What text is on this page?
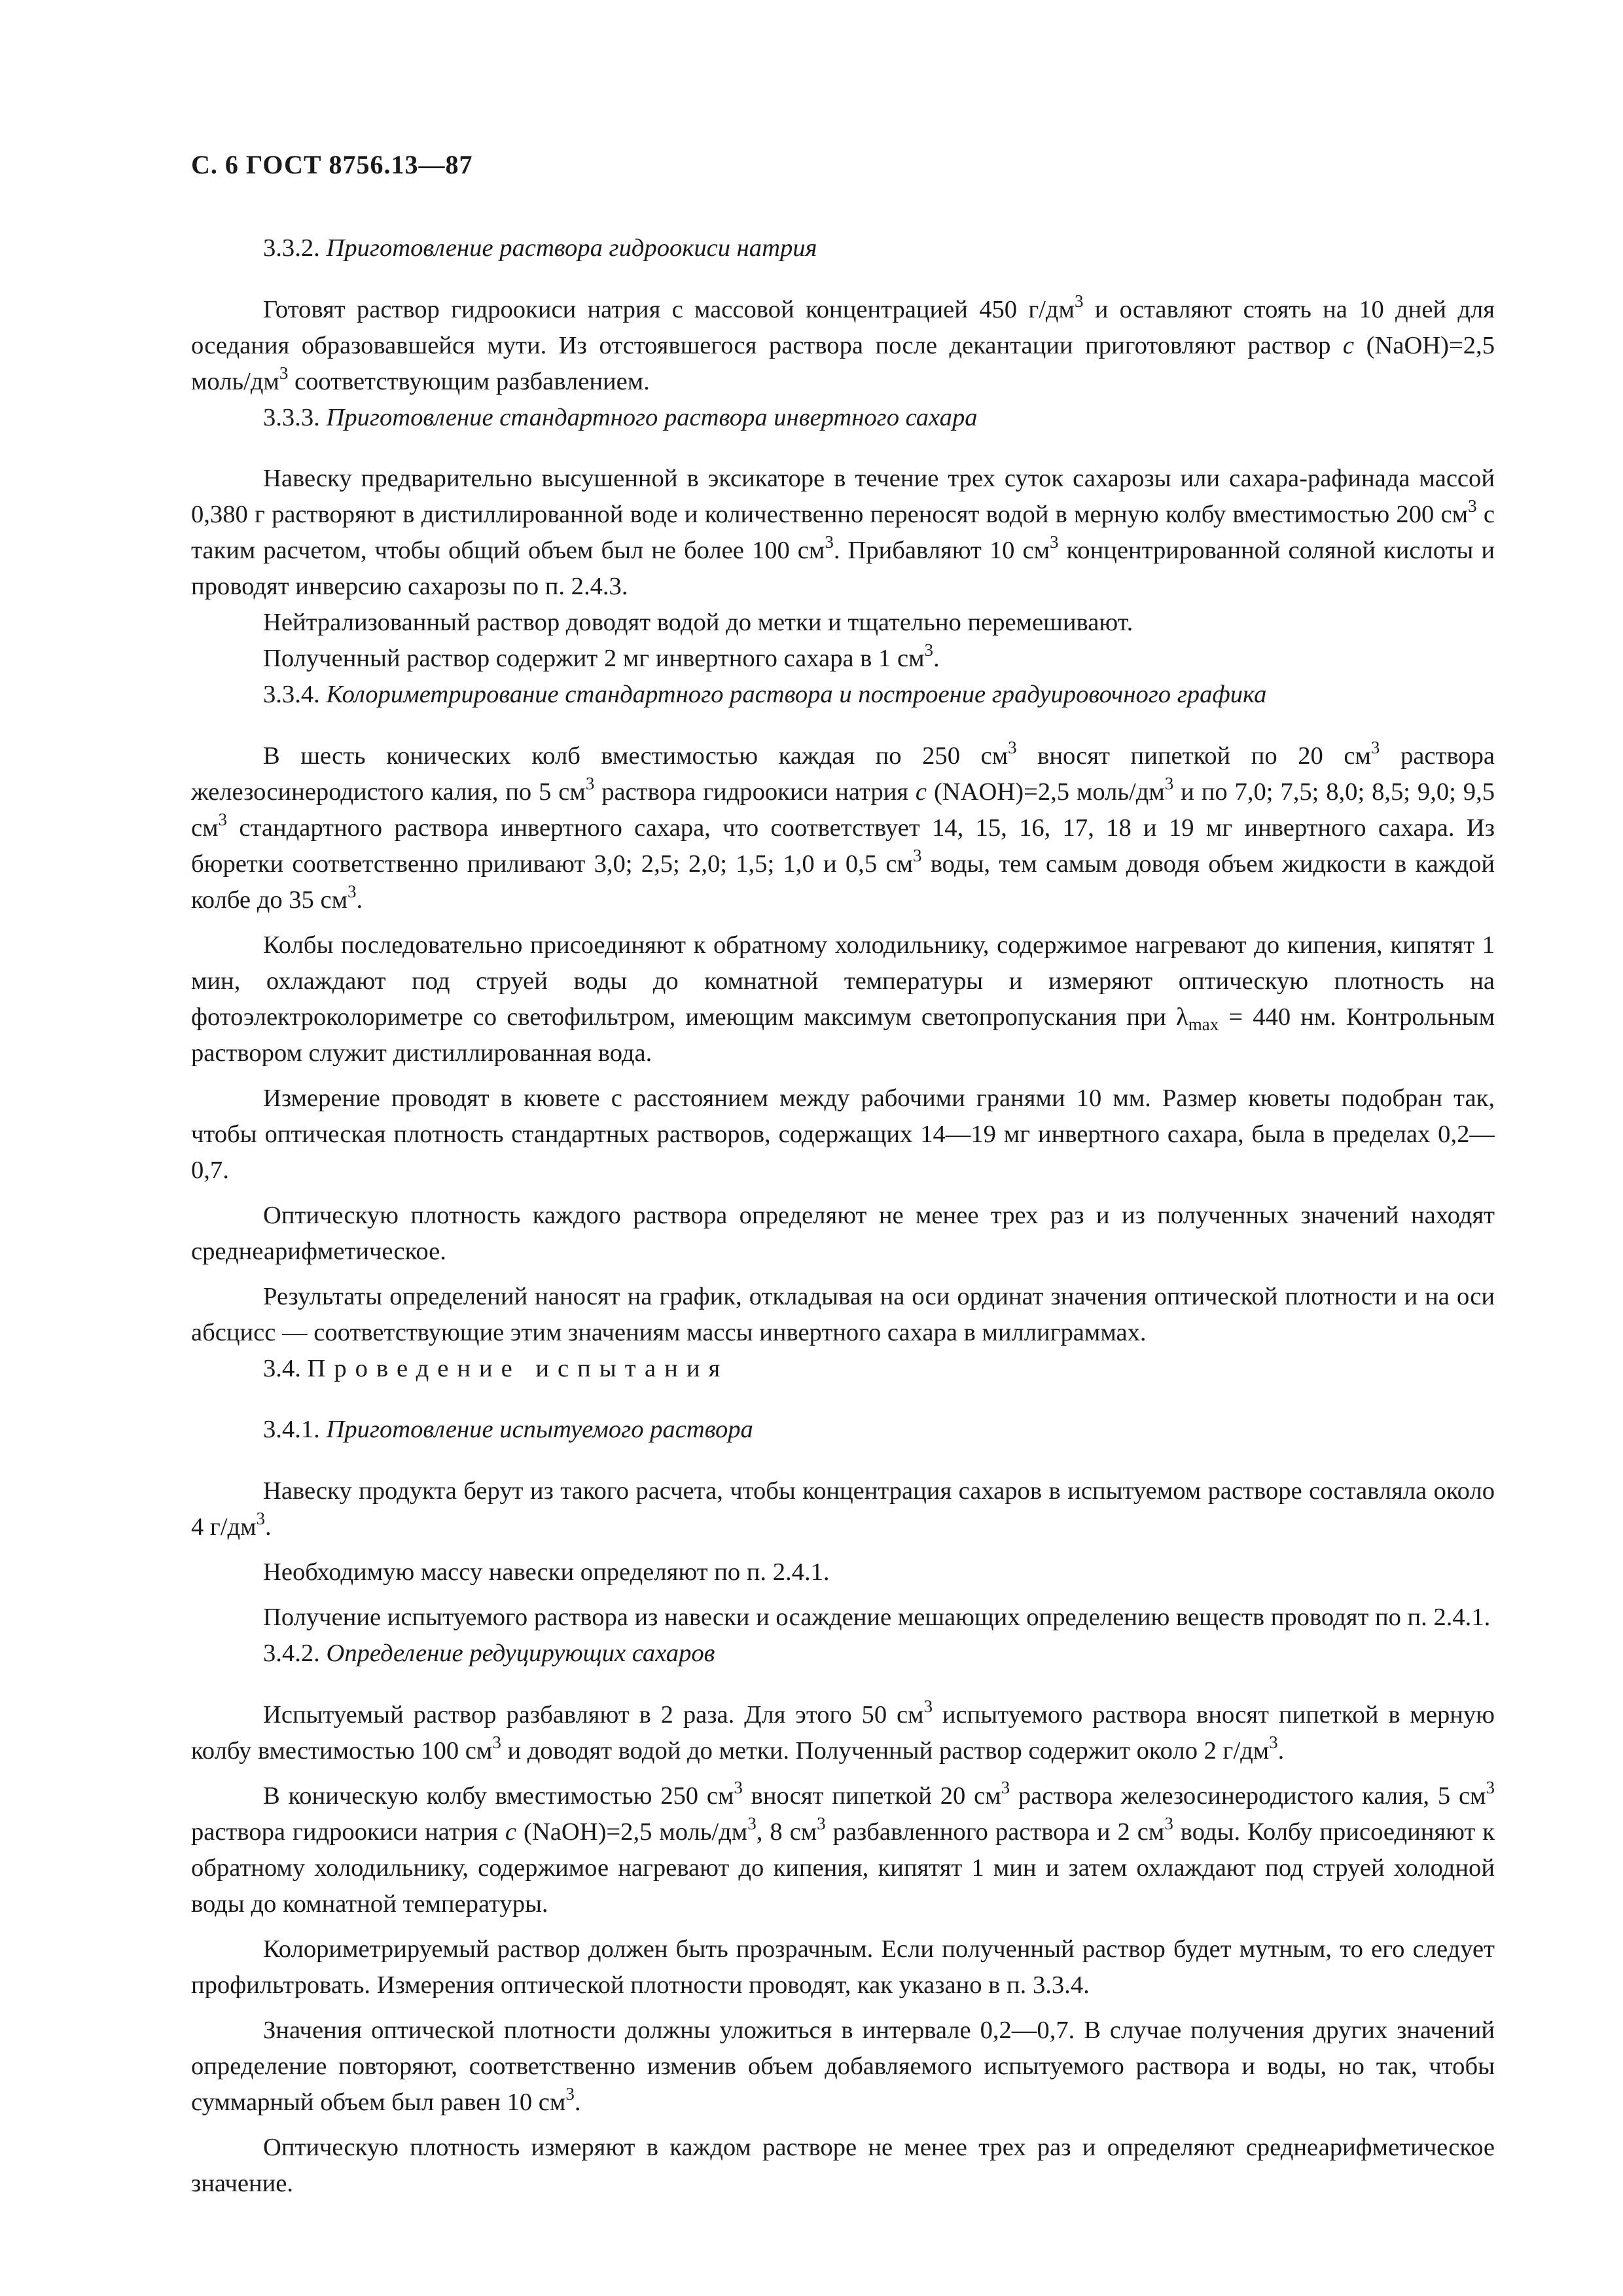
С. 6 ГОСТ 8756.13—87

3.3.2. Приготовление раствора гидроокиси натрия

Готовят раствор гидроокиси натрия с массовой концентрацией 450 $г/дм^3$ и оставляют стоять на 10 дней для оседания образовавшейся мути. Из отстоявшегося раствора после декантации приготовляют раствор c (NaOH)=2,5 моль/$дм^3$ соответствующим разбавлением.

3.3.3. Приготовление стандартного раствора инвертного сахара

Навеску предварительно высушенной в эксикаторе в течение трех суток сахарозы или сахара-рафинада массой 0,380 г растворяют в дистиллированной воде и количественно переносят водой в мерную колбу вместимостью 200 $см^3$ с таким расчетом, чтобы общий объем был не более 100 $см^3$. Прибавляют 10 $см^3$ концентрированной соляной кислоты и проводят инверсию сахарозы по п. 2.4.3.

Нейтрализованный раствор доводят водой до метки и тщательно перемешивают.

Полученный раствор содержит 2 мг инвертного сахара в 1 $см^3$.

3.3.4. Колориметрирование стандартного раствора и построение градуировочного графика

В шесть конических колб вместимостью каждая по 250 $см^3$ вносят пипеткой по 20 $см^3$ раствора железосинеродистого калия, по 5 $см^3$ раствора гидроокиси натрия c (NAOH)=2,5 моль/$дм^3$ и по 7,0; 7,5; 8,0; 8,5; 9,0; 9,5 $см^3$ стандартного раствора инвертного сахара, что соответствует 14, 15, 16, 17, 18 и 19 мг инвертного сахара. Из бюретки соответственно приливают 3,0; 2,5; 2,0; 1,5; 1,0 и 0,5 $см^3$ воды, тем самым доводя объем жидкости в каждой колбе до 35 $см^3$.

Колбы последовательно присоединяют к обратному холодильнику, содержимое нагревают до кипения, кипятят 1 мин, охлаждают под струей воды до комнатной температуры и измеряют оптическую плотность на фотоэлектроколориметре со светофильтром, имеющим максимум светопропускания при $\lambda_{max} = 440$ нм. Контрольным раствором служит дистиллированная вода.

Измерение проводят в кювете с расстоянием между рабочими гранями 10 мм. Размер кюветы подобран так, чтобы оптическая плотность стандартных растворов, содержащих 14—19 мг инвертного сахара, была в пределах 0,2—0,7.

Оптическую плотность каждого раствора определяют не менее трех раз и из полученных значений находят среднеарифметическое.

Результаты определений наносят на график, откладывая на оси ординат значения оптической плотности и на оси абсцисс — соответствующие этим значениям массы инвертного сахара в миллиграммах.

3.4. Проведение испытания

3.4.1. Приготовление испытуемого раствора

Навеску продукта берут из такого расчета, чтобы концентрация сахаров в испытуемом растворе составляла около 4 $г/дм^3$.

Необходимую массу навески определяют по п. 2.4.1.

Получение испытуемого раствора из навески и осаждение мешающих определению веществ проводят по п. 2.4.1.

3.4.2. Определение редуцирующих сахаров

Испытуемый раствор разбавляют в 2 раза. Для этого 50 $см^3$ испытуемого раствора вносят пипеткой в мерную колбу вместимостью 100 $см^3$ и доводят водой до метки. Полученный раствор содержит около 2 $г/дм^3$.

В коническую колбу вместимостью 250 $см^3$ вносят пипеткой 20 $см^3$ раствора железосинеродистого калия, 5 $см^3$ раствора гидроокиси натрия c (NaOH)=2,5 моль/$дм^3$, 8 $см^3$ разбавленного раствора и 2 $см^3$ воды. Колбу присоединяют к обратному холодильнику, содержимое нагревают до кипения, кипятят 1 мин и затем охлаждают под струей холодной воды до комнатной температуры.

Колориметрируемый раствор должен быть прозрачным. Если полученный раствор будет мутным, то его следует профильтровать. Измерения оптической плотности проводят, как указано в п. 3.3.4.

Значения оптической плотности должны уложиться в интервале 0,2—0,7. В случае получения других значений определение повторяют, соответственно изменив объем добавляемого испытуемого раствора и воды, но так, чтобы суммарный объем был равен 10 $см^3$.

Оптическую плотность измеряют в каждом растворе не менее трех раз и определяют среднеарифметическое значение.
